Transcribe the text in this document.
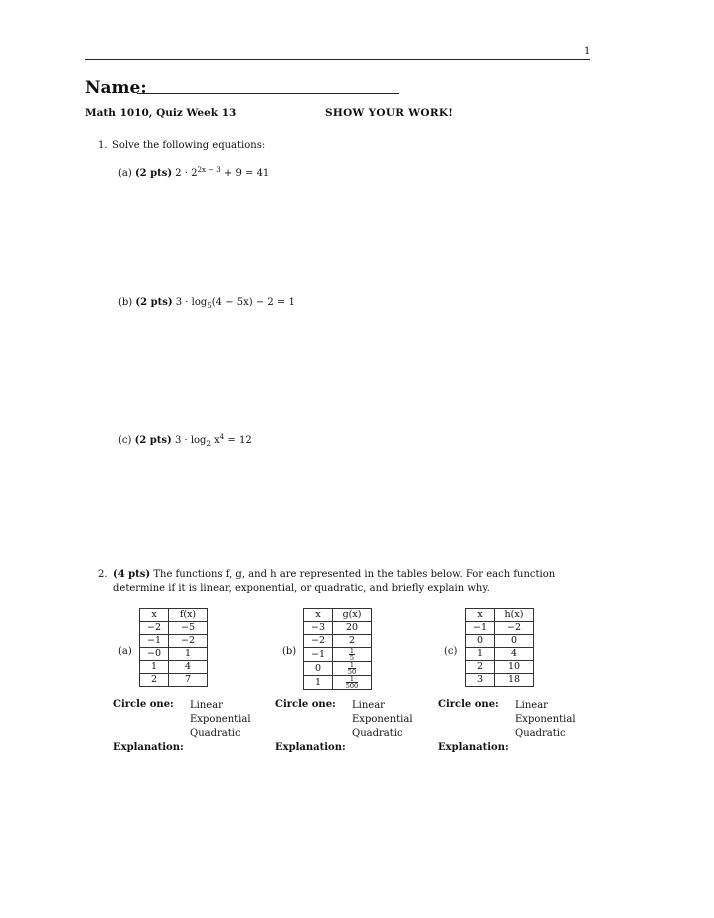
1
Name:
Math 1010, Quiz Week 13	SHOW YOUR WORK!
1. Solve the following equations:
(a) (2 pts) $2 \cdot 2^{2x - 3} + 9 = 41$
(b) (2 pts) $3 \cdot \log_5(4 - 5x) - 2 = 1$
(c) (2 pts) $3 \cdot \log_2 x^4 = 12$
2. (4 pts) The functions f, g, and h are represented in the tables below. For each function
determine if it is linear, exponential, or quadratic, and briefly explain why.
(a)
x	f(x)
−2	−5
−1	−2
−0	1
1	4
2	7
(b)
x	g(x)
−3	20
−2	2
−1	$\frac{1}{5}$

0	$\frac{1}{50}$

1	$\frac{1}{500}$
(c)
x	h(x)
−1	−2
0	0
1	4
2	10
3	18
Circle one: Linear
Exponential
Quadratic
Circle one: Linear
Exponential
Quadratic
Circle one: Linear
Exponential
Quadratic
Explanation:	Explanation:	Explanation:
